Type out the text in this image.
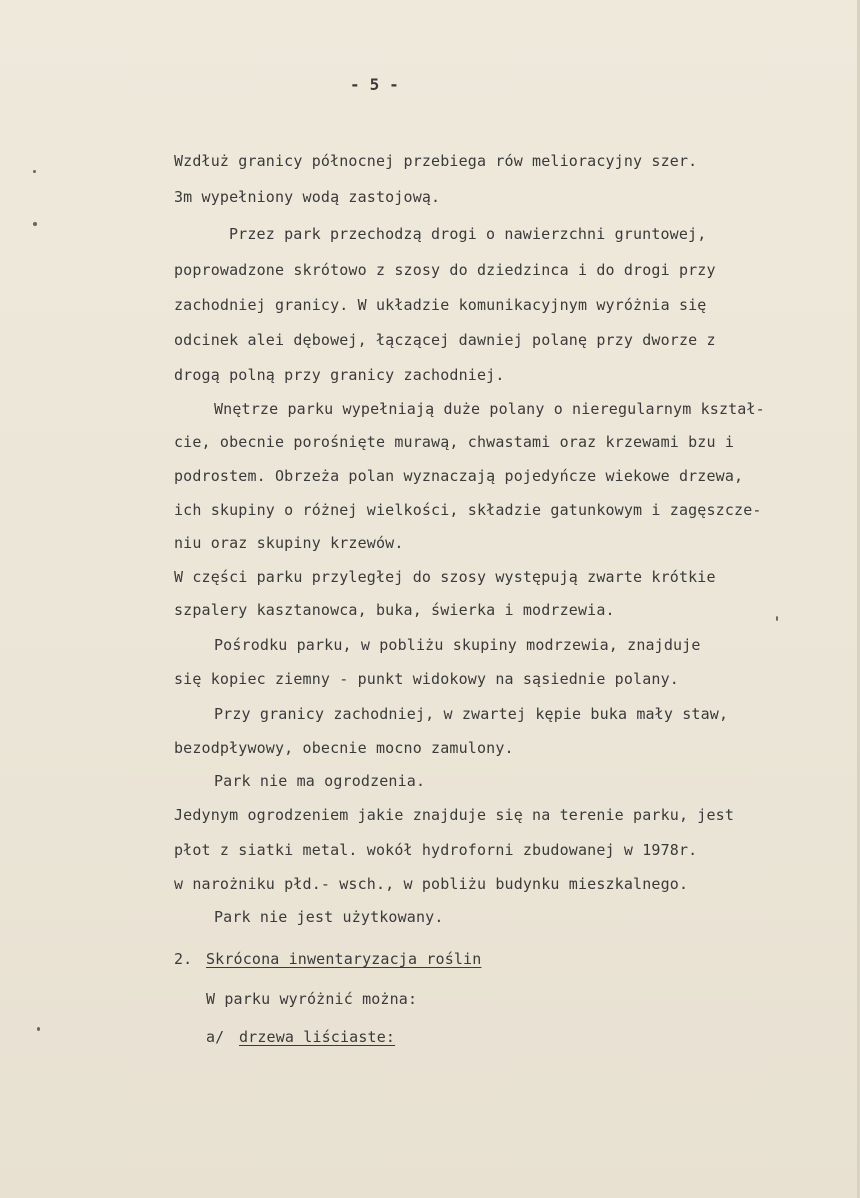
- 5 -

Wzdłuż granicy północnej przebiega rów melioracyjny szer.

3m wypełniony wodą zastojową.

Przez park przechodzą drogi o nawierzchni gruntowej,

poprowadzone skrótowo z szosy do dziedzinca i do drogi przy

zachodniej granicy. W układzie komunikacyjnym wyróżnia się

odcinek alei dębowej, łączącej dawniej polanę przy dworze z

drogą polną przy granicy zachodniej.

Wnętrze parku wypełniają duże polany o nieregularnym kształ-

cie, obecnie porośnięte murawą, chwastami oraz krzewami bzu i

podrostem. Obrzeża polan wyznaczają pojedyńcze wiekowe drzewa,

ich skupiny o różnej wielkości, składzie gatunkowym i zagęszcze-

niu oraz skupiny krzewów.

W części parku przyległej do szosy występują zwarte krótkie

szpalery kasztanowca, buka, świerka i modrzewia.

Pośrodku parku, w pobliżu skupiny modrzewia, znajduje

się kopiec ziemny - punkt widokowy na sąsiednie polany.

Przy granicy zachodniej, w zwartej kępie buka mały staw,

bezodpływowy, obecnie mocno zamulony.

Park nie ma ogrodzenia.

Jedynym ogrodzeniem jakie znajduje się na terenie parku, jest

płot z siatki metal. wokół hydroforni zbudowanej w 1978r.

w narożniku płd.- wsch., w pobliżu budynku mieszkalnego.

Park nie jest użytkowany.

2. Skrócona inwentaryzacja roślin

W parku wyróżnić można:

a/ drzewa liściaste:
